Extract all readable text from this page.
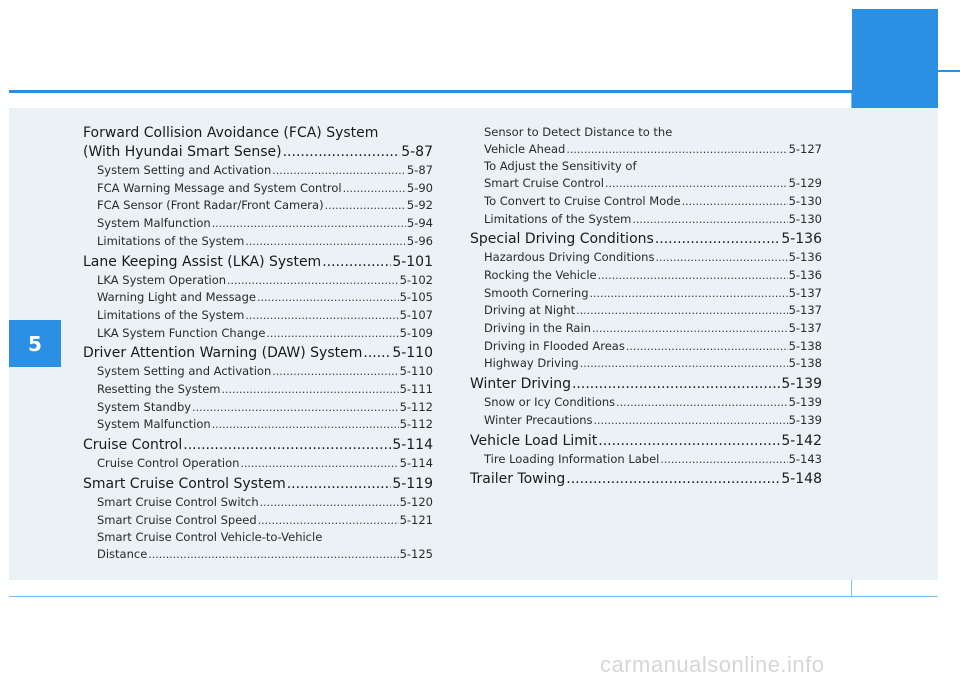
5
Forward Collision Avoidance (FCA) System
(With Hyundai Smart Sense) .....	5-87
System Setting and Activation .....	5-87
FCA Warning Message and System Control .....	5-90
FCA Sensor (Front Radar/Front Camera) .....	5-92
System Malfunction .....	5-94
Limitations of the System .....	5-96
Lane Keeping Assist (LKA) System .....	5-101
LKA System Operation .....	5-102
Warning Light and Message .....	5-105
Limitations of the System .....	5-107
LKA System Function Change .....	5-109
Driver Attention Warning (DAW) System ..... 5-110
System Setting and Activation .....	5-110
Resetting the System .....	5-111
System Standby .....	5-112
System Malfunction .....	5-112
Cruise Control .....	5-114
Cruise Control Operation .....	5-114
Smart Cruise Control System .....	5-119
Smart Cruise Control Switch .....	5-120
Smart Cruise Control Speed .....	5-121
Smart Cruise Control Vehicle-to-Vehicle
Distance .....	5-125
Sensor to Detect Distance to the
Vehicle Ahead .....	5-127
To Adjust the Sensitivity of
Smart Cruise Control .....	5-129
To Convert to Cruise Control Mode .....	5-130
Limitations of the System .....	5-130
Special Driving Conditions .....	5-136
Hazardous Driving Conditions .....	5-136
Rocking the Vehicle .....	5-136
Smooth Cornering .....	5-137
Driving at Night .....	5-137
Driving in the Rain .....	5-137
Driving in Flooded Areas .....	5-138
Highway Driving .....	5-138
Winter Driving .....	5-139
Snow or Icy Conditions .....	5-139
Winter Precautions .....	5-139
Vehicle Load Limit .....	5-142
Tire Loading Information Label .....	5-143
Trailer Towing .....	5-148
carmanualsonline.info
